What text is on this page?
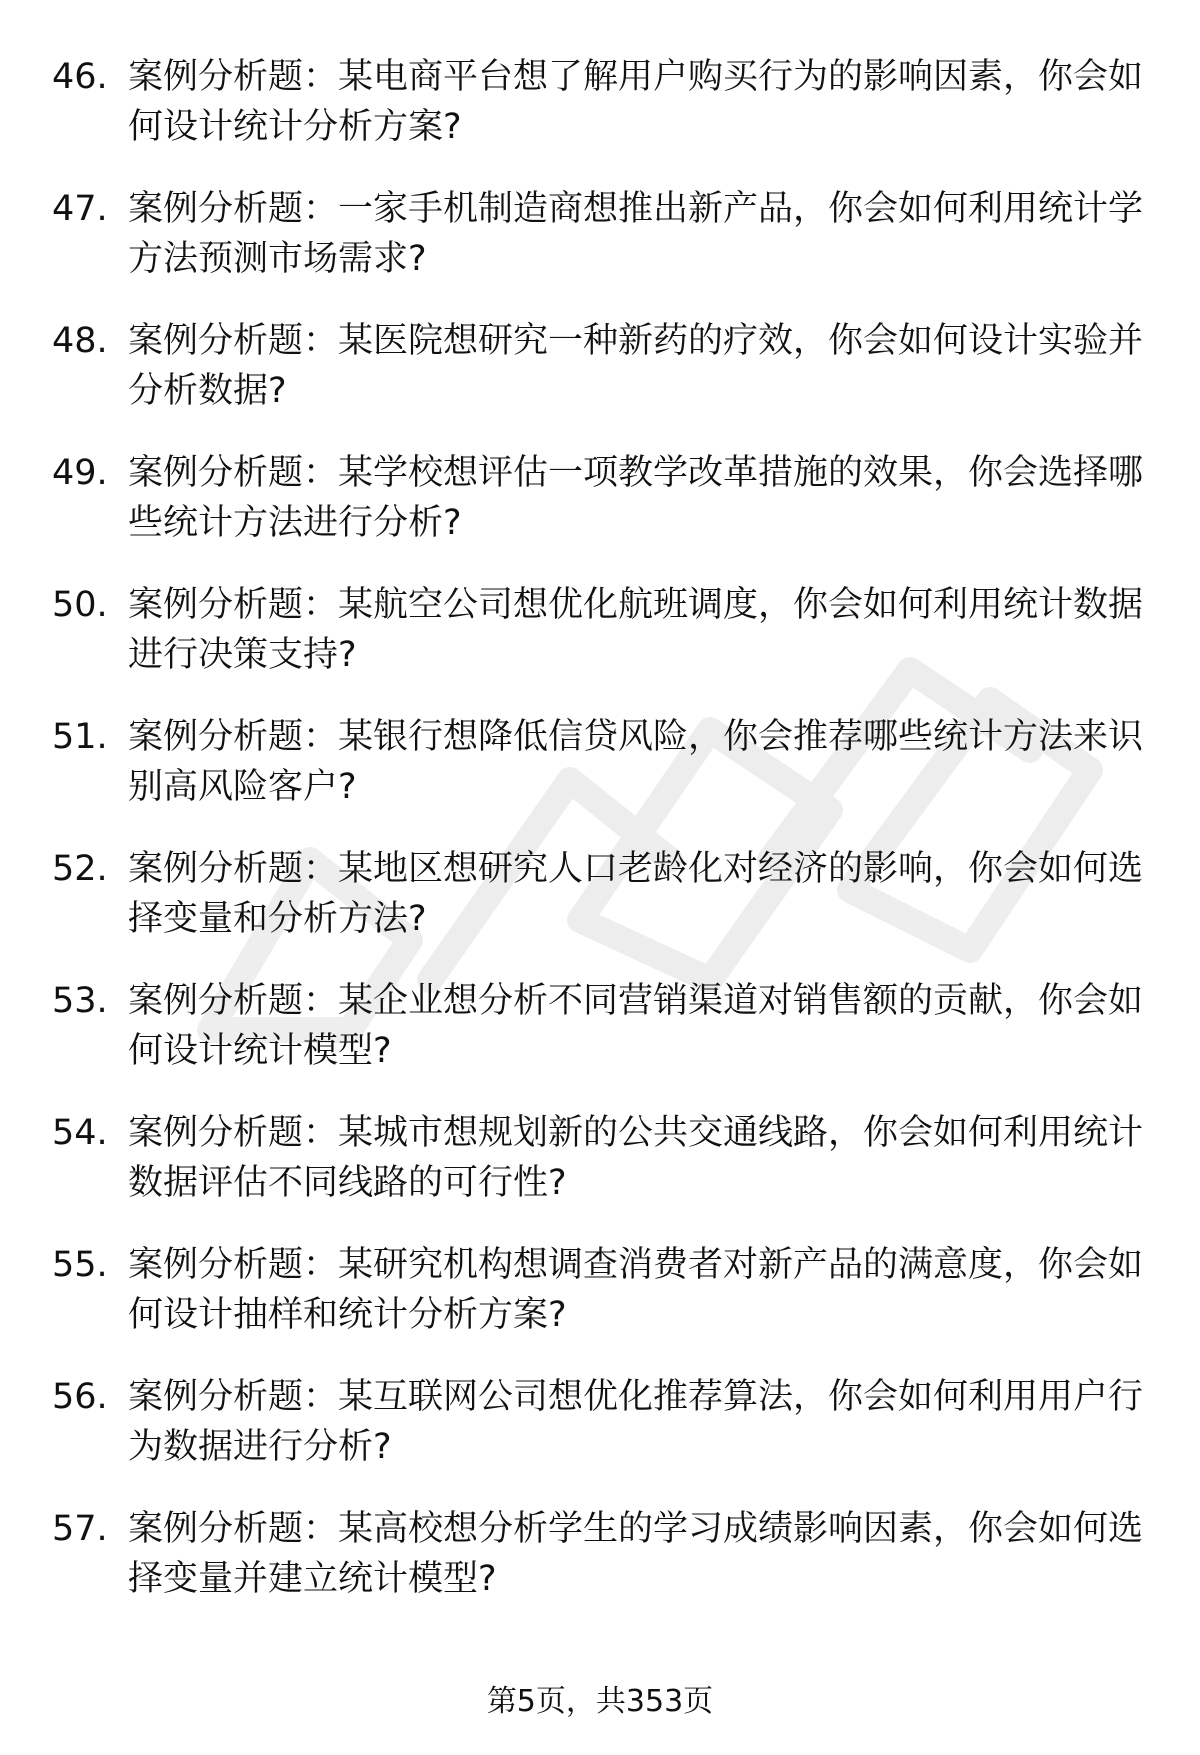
46. 案例分析题：某电商平台想了解用户购买行为的影响因素，你会如何设计统计分析方案?
47. 案例分析题：一家手机制造商想推出新产品，你会如何利用统计学方法预测市场需求?
48. 案例分析题：某医院想研究一种新药的疗效，你会如何设计实验并分析数据?
49. 案例分析题：某学校想评估一项教学改革措施的效果，你会选择哪些统计方法进行分析?
50. 案例分析题：某航空公司想优化航班调度，你会如何利用统计数据进行决策支持?
51. 案例分析题：某银行想降低信贷风险，你会推荐哪些统计方法来识别高风险客户?
52. 案例分析题：某地区想研究人口老龄化对经济的影响，你会如何选择变量和分析方法?
53. 案例分析题：某企业想分析不同营销渠道对销售额的贡献，你会如何设计统计模型?
54. 案例分析题：某城市想规划新的公共交通线路，你会如何利用统计数据评估不同线路的可行性?
55. 案例分析题：某研究机构想调查消费者对新产品的满意度，你会如何设计抽样和统计分析方案?
56. 案例分析题：某互联网公司想优化推荐算法，你会如何利用用户行为数据进行分析?
57. 案例分析题：某高校想分析学生的学习成绩影响因素，你会如何选择变量并建立统计模型?
第5页，共353页
